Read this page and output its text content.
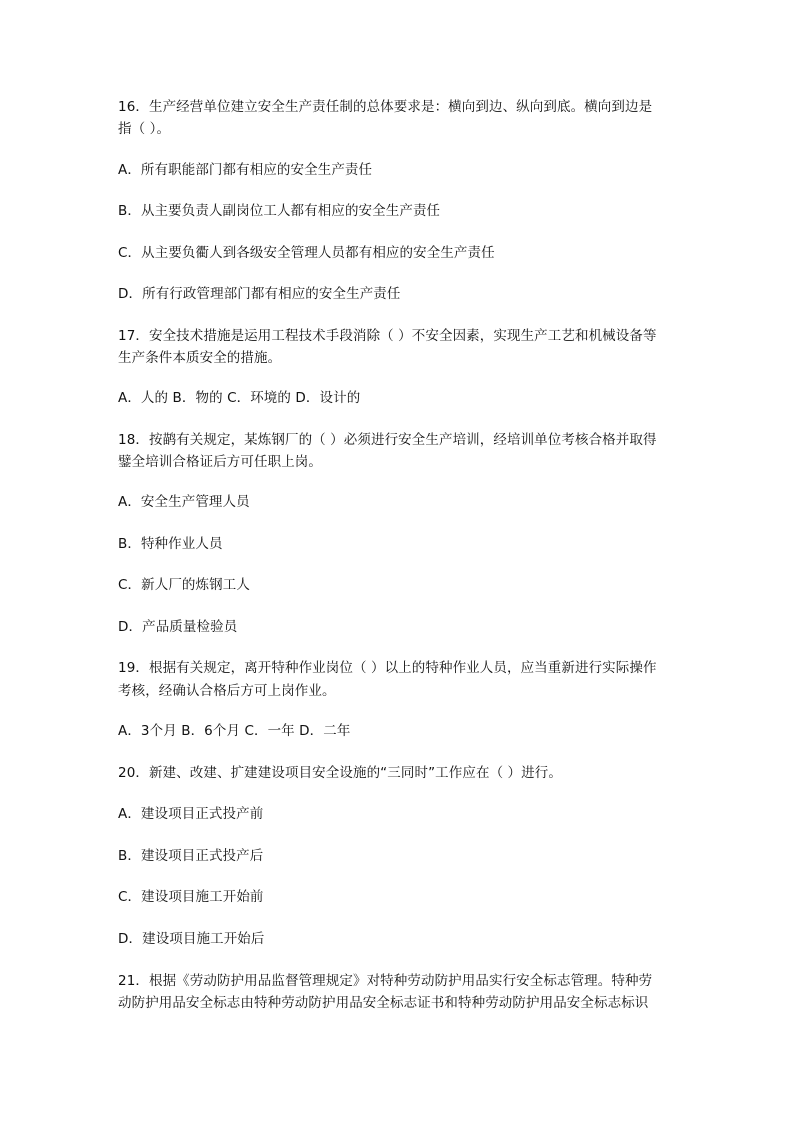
16．生产经营单位建立安全生产责任制的总体要求是：横向到边、纵向到底。横向到边是
指（ ）。
A．所有职能部门都有相应的安全生产责任
B．从主要负责人副岗位工人都有相应的安全生产责任
C．从主要负衢人到各级安全管理人员都有相应的安全生产责任
D．所有行政管理部门都有相应的安全生产责任
17．安全技术措施是运用工程技术手段消除（ ）不安全因素，实现生产工艺和机械设备等
生产条件本质安全的措施。
A．人的 B．物的 C．环境的 D．设计的
18．按鹋有关规定，某炼钢厂的（ ）必须进行安全生产培训，经培训单位考核合格并取得
鐾全培训合格证后方可任职上岗。
A．安全生产管理人员
B．特种作业人员
C．新人厂的炼钢工人
D．产品质量检验员
19．根据有关规定，离开特种作业岗位（ ）以上的特种作业人员，应当重新进行实际操作
考核，经确认合格后方可上岗作业。
A．3个月 B．6个月 C．一年 D．二年
20．新建、改建、扩建建设项目安全设施的“三同时”工作应在（ ）进行。
A．建设项目正式投产前
B．建设项目正式投产后
C．建设项目施工开始前
D．建设项目施工开始后
21．根据《劳动防护用品监督管理规定》对特种劳动防护用品实行安全标志管理。特种劳
动防护用品安全标志由特种劳动防护用品安全标志证书和特种劳动防护用品安全标志标识
